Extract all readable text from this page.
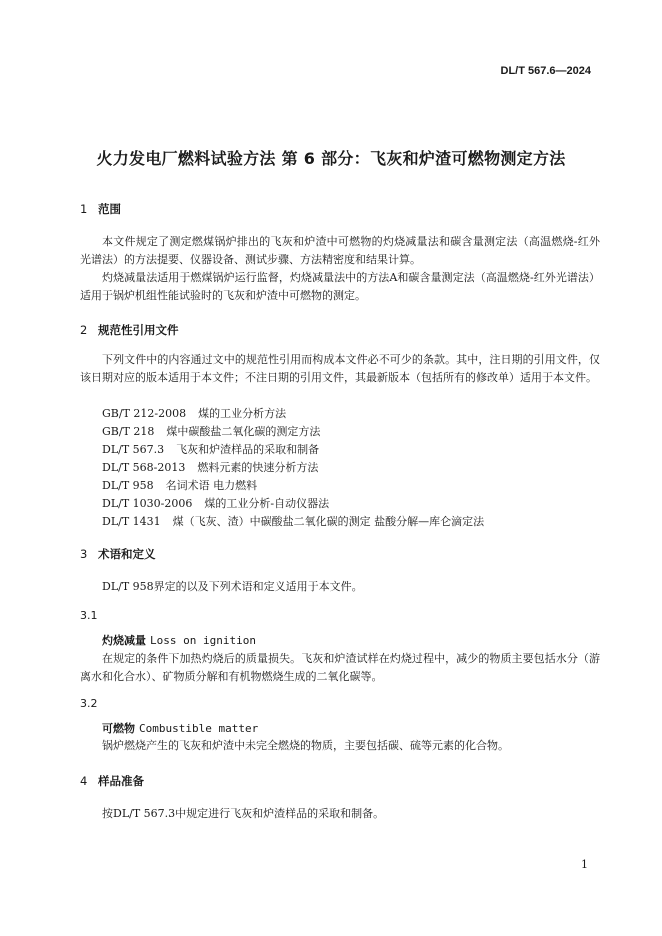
DL/T 567.6—2024
火力发电厂燃料试验方法 第 6 部分：飞灰和炉渣可燃物测定方法
1 范围
本文件规定了测定燃煤锅炉排出的飞灰和炉渣中可燃物的灼烧减量法和碳含量测定法（高温燃烧-红外光谱法）的方法提要、仪器设备、测试步骤、方法精密度和结果计算。
灼烧减量法适用于燃煤锅炉运行监督，灼烧减量法中的方法A和碳含量测定法（高温燃烧-红外光谱法）适用于锅炉机组性能试验时的飞灰和炉渣中可燃物的测定。
2 规范性引用文件
下列文件中的内容通过文中的规范性引用而构成本文件必不可少的条款。其中，注日期的引用文件，仅该日期对应的版本适用于本文件；不注日期的引用文件，其最新版本（包括所有的修改单）适用于本文件。
GB/T 212-2008 煤的工业分析方法
GB/T 218 煤中碳酸盐二氧化碳的测定方法
DL/T 567.3 飞灰和炉渣样品的采取和制备
DL/T 568-2013 燃料元素的快速分析方法
DL/T 958 名词术语 电力燃料
DL/T 1030-2006 煤的工业分析-自动仪器法
DL/T 1431 煤（飞灰、渣）中碳酸盐二氧化碳的测定 盐酸分解—库仑滴定法
3 术语和定义
DL/T 958界定的以及下列术语和定义适用于本文件。
3.1
灼烧减量 Loss on ignition
在规定的条件下加热灼烧后的质量损失。飞灰和炉渣试样在灼烧过程中，减少的物质主要包括水分（游离水和化合水）、矿物质分解和有机物燃烧生成的二氧化碳等。
3.2
可燃物 Combustible matter
锅炉燃烧产生的飞灰和炉渣中未完全燃烧的物质，主要包括碳、硫等元素的化合物。
4 样品准备
按DL/T 567.3中规定进行飞灰和炉渣样品的采取和制备。
1
